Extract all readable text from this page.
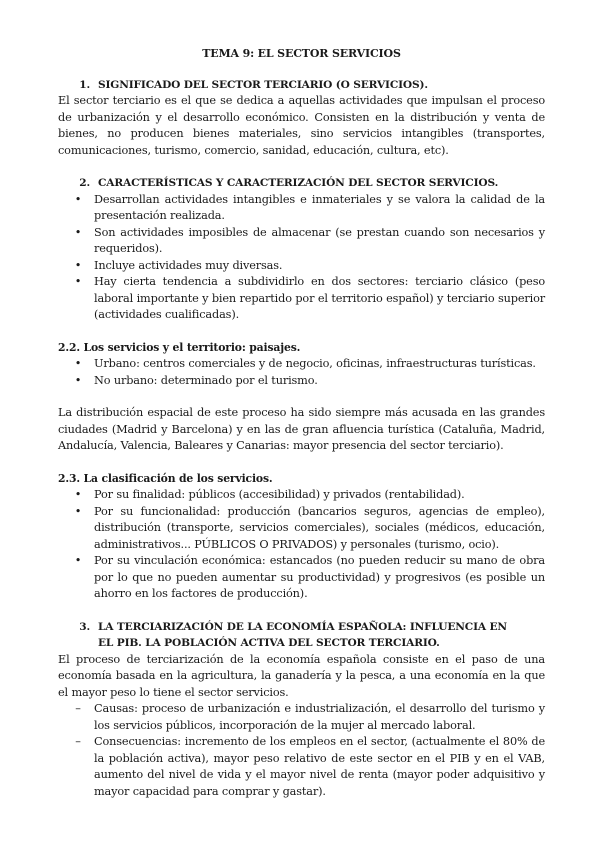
TEMA 9: EL SECTOR SERVICIOS
1. SIGNIFICADO DEL SECTOR TERCIARIO (O SERVICIOS).

El sector terciario es el que se dedica a aquellas actividades que impulsan el proceso de urbanización y el desarrollo económico. Consisten en la distribución y venta de bienes, no producen bienes materiales, sino servicios intangibles (transportes, comunicaciones, turismo, comercio, sanidad, educación, cultura, etc).

2. CARACTERÍSTICAS Y CARACTERIZACIÓN DEL SECTOR SERVICIOS.
•	Desarrollan actividades intangibles e inmateriales y se valora la calidad de la presentación realizada.
•	Son actividades imposibles de almacenar (se prestan cuando son necesarios y requeridos).
•	Incluye actividades muy diversas.
•	Hay cierta tendencia a subdividirlo en dos sectores: terciario clásico (peso laboral importante y bien repartido por el territorio español) y terciario superior (actividades cualificadas).
2.2. Los servicios y el territorio: paisajes.
•	Urbano: centros comerciales y de negocio, oficinas, infraestructuras turísticas.
•	No urbano: determinado por el turismo.

La distribución espacial de este proceso ha sido siempre más acusada en las grandes ciudades (Madrid y Barcelona) y en las de gran afluencia turística (Cataluña, Madrid, Andalucía, Valencia, Baleares y Canarias: mayor presencia del sector terciario).

2.3. La clasificación de los servicios.
•	Por su finalidad: públicos (accesibilidad) y privados (rentabilidad).
•	Por su funcionalidad: producción (bancarios seguros, agencias de empleo), distribución (transporte, servicios comerciales), sociales (médicos, educación, administrativos... PÚBLICOS O PRIVADOS) y personales (turismo, ocio).
•	Por su vinculación económica: estancados (no pueden reducir su mano de obra por lo que no pueden aumentar su productividad) y progresivos (es posible un ahorro en los factores de producción).
3. LA TERCIARIZACIÓN DE LA ECONOMÍA ESPAÑOLA: INFLUENCIA EN
EL PIB. LA POBLACIÓN ACTIVA DEL SECTOR TERCIARIO.

El proceso de terciarización de la economía española consiste en el paso de una economía basada en la agricultura, la ganadería y la pesca, a una economía en la que el mayor peso lo tiene el sector servicios.

–	Causas: proceso de urbanización e industrialización, el desarrollo del turismo y los servicios públicos, incorporación de la mujer al mercado laboral.
–	Consecuencias: incremento de los empleos en el sector, (actualmente el 80% de la población activa), mayor peso relativo de este sector en el PIB y en el VAB, aumento del nivel de vida y el mayor nivel de renta (mayor poder adquisitivo y mayor capacidad para comprar y gastar).
